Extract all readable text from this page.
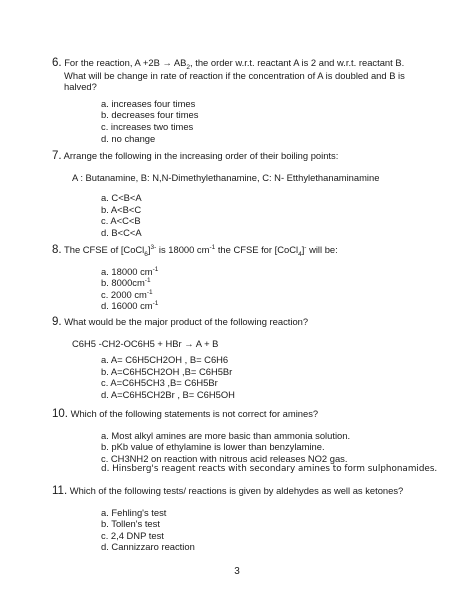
6. For the reaction, $A +2B \to AB_2$, the order w.r.t. reactant A is 2 and w.r.t. reactant B.
What will be change in rate of reaction if the concentration of A is doubled and B is
halved?
a. increases four times
b. decreases four times
c. increases two times
d. no change
7. Arrange the following in the increasing order of their boiling points:
A : Butanamine, B: N,N-Dimethylethanamine, C: N- Etthylethanaminamine
a. C<B<A
b. A<B<C
c. A<C<B
d. B<C<A
8. The CFSE of [CoCl$_6$]$^{3-}$ is 18000 $cm^{-1}$ the CFSE for [CoCl$_4$]- will be:
a. 18000 $cm^{-1}$
b. $8000cm^{-1}$
c. 2000 $cm^{-1}$
d. 16000 $cm^{-1}$
9. What would be the major product of the following reaction?
C6H5 -CH2-OC6H5 + HBr → A + B
a. A= C6H5CH2OH , B= C6H6
b. A=C6H5CH2OH ,B= C6H5Br
c. A=C6H5CH3 ,B= C6H5Br
d. A=C6H5CH2Br , B= C6H5OH
10. Which of the following statements is not correct for amines?
a. Most alkyl amines are more basic than ammonia solution.
b. pKb value of ethylamine is lower than benzylamine.
c. CH3NH2 on reaction with nitrous acid releases NO2 gas.
d. Hinsberg's reagent reacts with secondary amines to form sulphonamides.
11. Which of the following tests/ reactions is given by aldehydes as well as ketones?
a. Fehling's test
b. Tollen's test
c. 2,4 DNP test
d. Cannizzaro reaction
3
